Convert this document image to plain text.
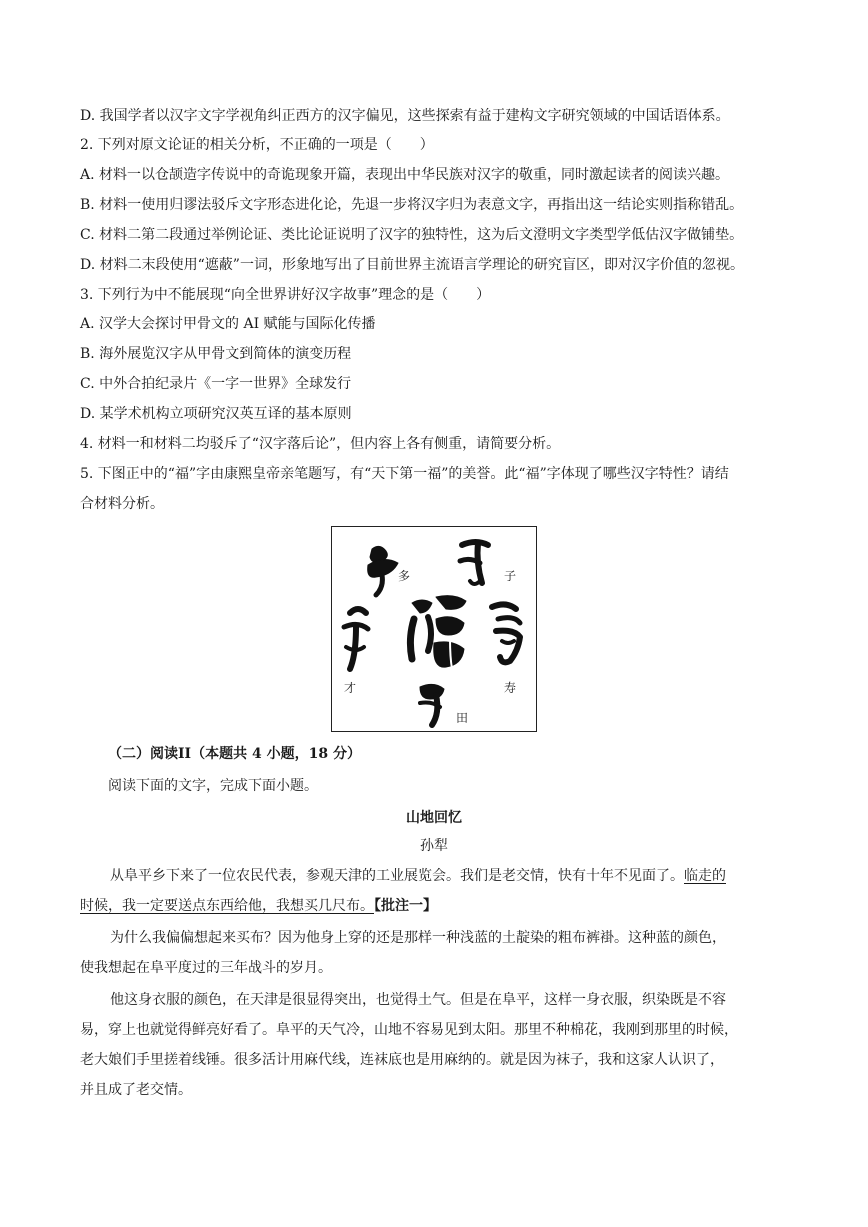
D. 我国学者以汉字文字学视角纠正西方的汉字偏见，这些探索有益于建构文字研究领域的中国话语体系。
2. 下列对原文论证的相关分析，不正确的一项是（　　）
A. 材料一以仓颉造字传说中的奇诡现象开篇，表现出中华民族对汉字的敬重，同时激起读者的阅读兴趣。
B. 材料一使用归谬法驳斥文字形态进化论，先退一步将汉字归为表意文字，再指出这一结论实则指称错乱。
C. 材料二第二段通过举例论证、类比论证说明了汉字的独特性，这为后文澄明文字类型学低估汉字做铺垫。
D. 材料二末段使用“遮蔽”一词，形象地写出了目前世界主流语言学理论的研究盲区，即对汉字价值的忽视。
3. 下列行为中不能展现“向全世界讲好汉字故事”理念的是（　　）
A. 汉学大会探讨甲骨文的 AI 赋能与国际化传播
B. 海外展览汉字从甲骨文到简体的演变历程
C. 中外合拍纪录片《一字一世界》全球发行
D. 某学术机构立项研究汉英互译的基本原则
4. 材料一和材料二均驳斥了“汉字落后论”，但内容上各有侧重，请简要分析。
5. 下图正中的“福”字由康熙皇帝亲笔题写，有“天下第一福”的美誉。此“福”字体现了哪些汉字特性？请结
合材料分析。
多	子
才	寿
田
（二）阅读II（本题共 4 小题，18 分）
阅读下面的文字，完成下面小题。
山地回忆
孙犁
从阜平乡下来了一位农民代表，参观天津的工业展览会。我们是老交情，快有十年不见面了。临走的
时候，我一定要送点东西给他，我想买几尺布。【批注一】
为什么我偏偏想起来买布？因为他身上穿的还是那样一种浅蓝的土靛染的粗布裤褂。这种蓝的颜色，
使我想起在阜平度过的三年战斗的岁月。
他这身衣服的颜色，在天津是很显得突出，也觉得土气。但是在阜平，这样一身衣服，织染既是不容
易，穿上也就觉得鲜亮好看了。阜平的天气冷，山地不容易见到太阳。那里不种棉花，我刚到那里的时候，
老大娘们手里搓着线锤。很多活计用麻代线，连袜底也是用麻纳的。就是因为袜子，我和这家人认识了，
并且成了老交情。
